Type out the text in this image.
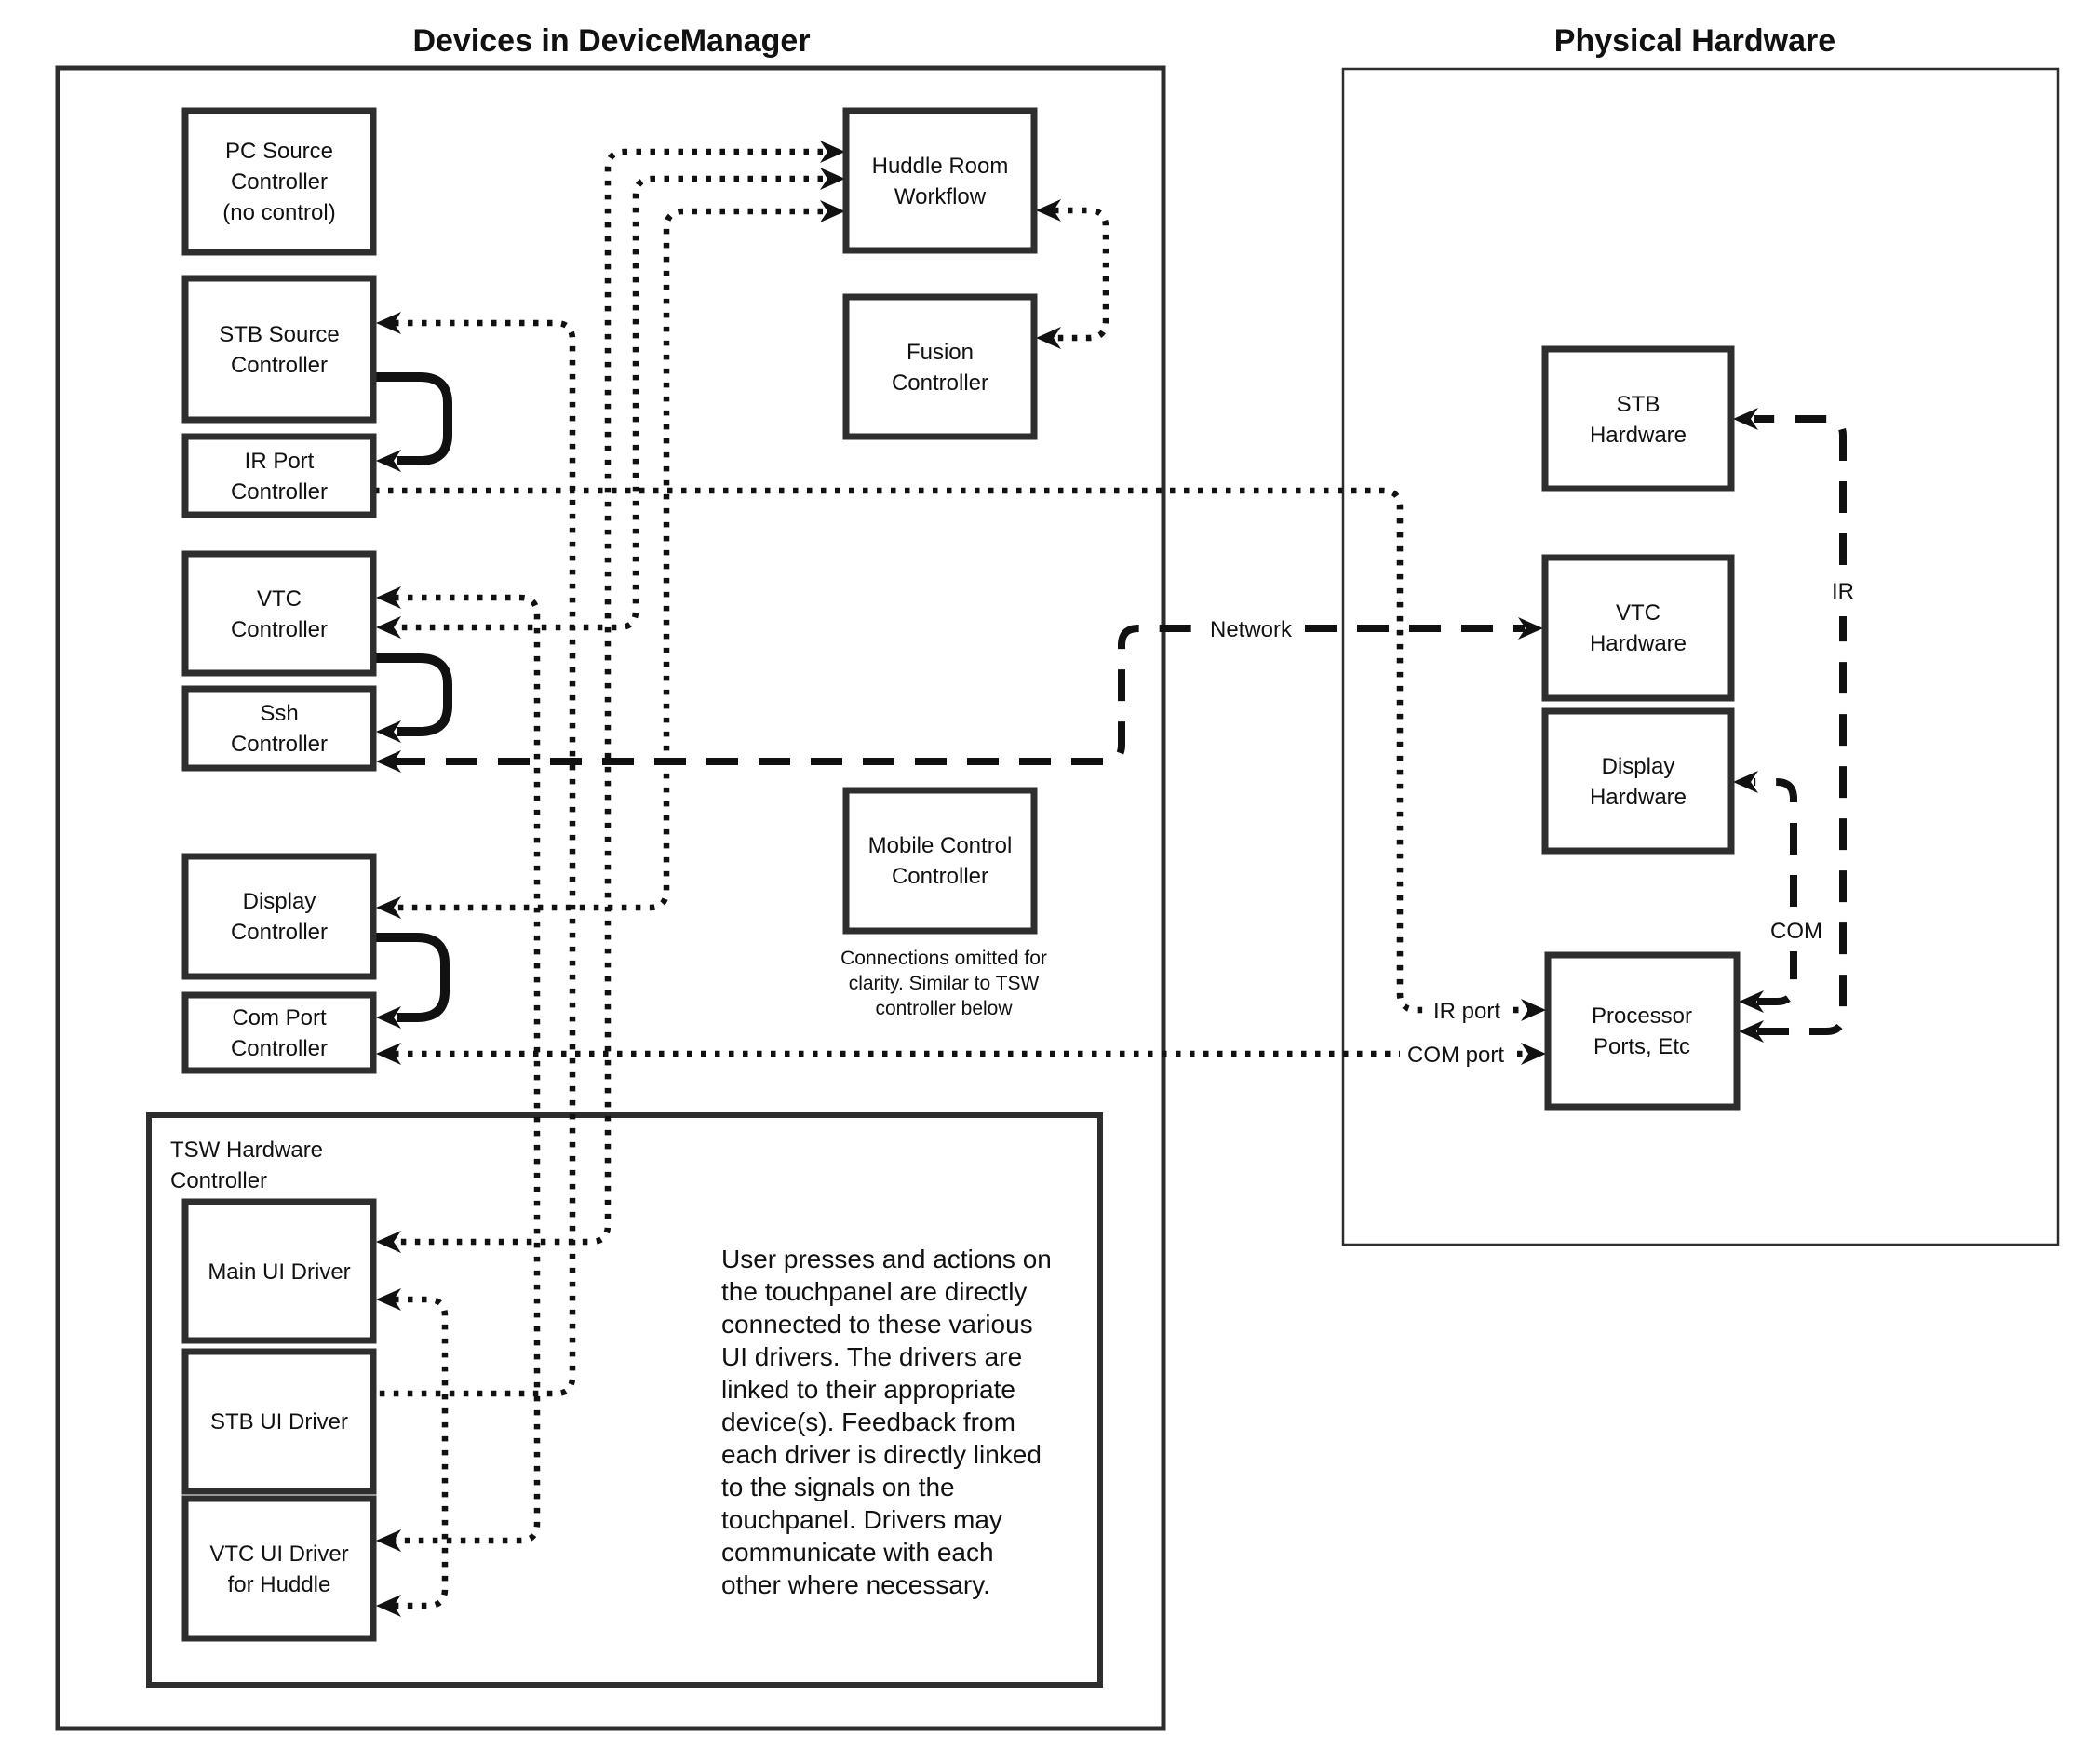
Devices in DeviceManager	Physical Hardware
IR port
COM port
Network
IR
COM
PC Source
Controller
(no control)
STB Source
Controller
IR Port
Controller
VTC
Controller
Ssh
Controller
Display
Controller
Com Port
Controller
Huddle Room
Workflow
Fusion
Controller
Mobile Control
Controller
Connections omitted for
clarity. Similar to TSW
controller below
TSW Hardware
Controller
Main UI Driver
STB UI Driver
VTC UI Driver
for Huddle
User presses and actions on
the touchpanel are directly
connected to these various
UI drivers. The drivers are
linked to their appropriate
device(s). Feedback from
each driver is directly linked
to the signals on the
touchpanel. Drivers may
communicate with each
other where necessary.
STB
Hardware
VTC
Hardware
Display
Hardware
Processor
Ports, Etc
